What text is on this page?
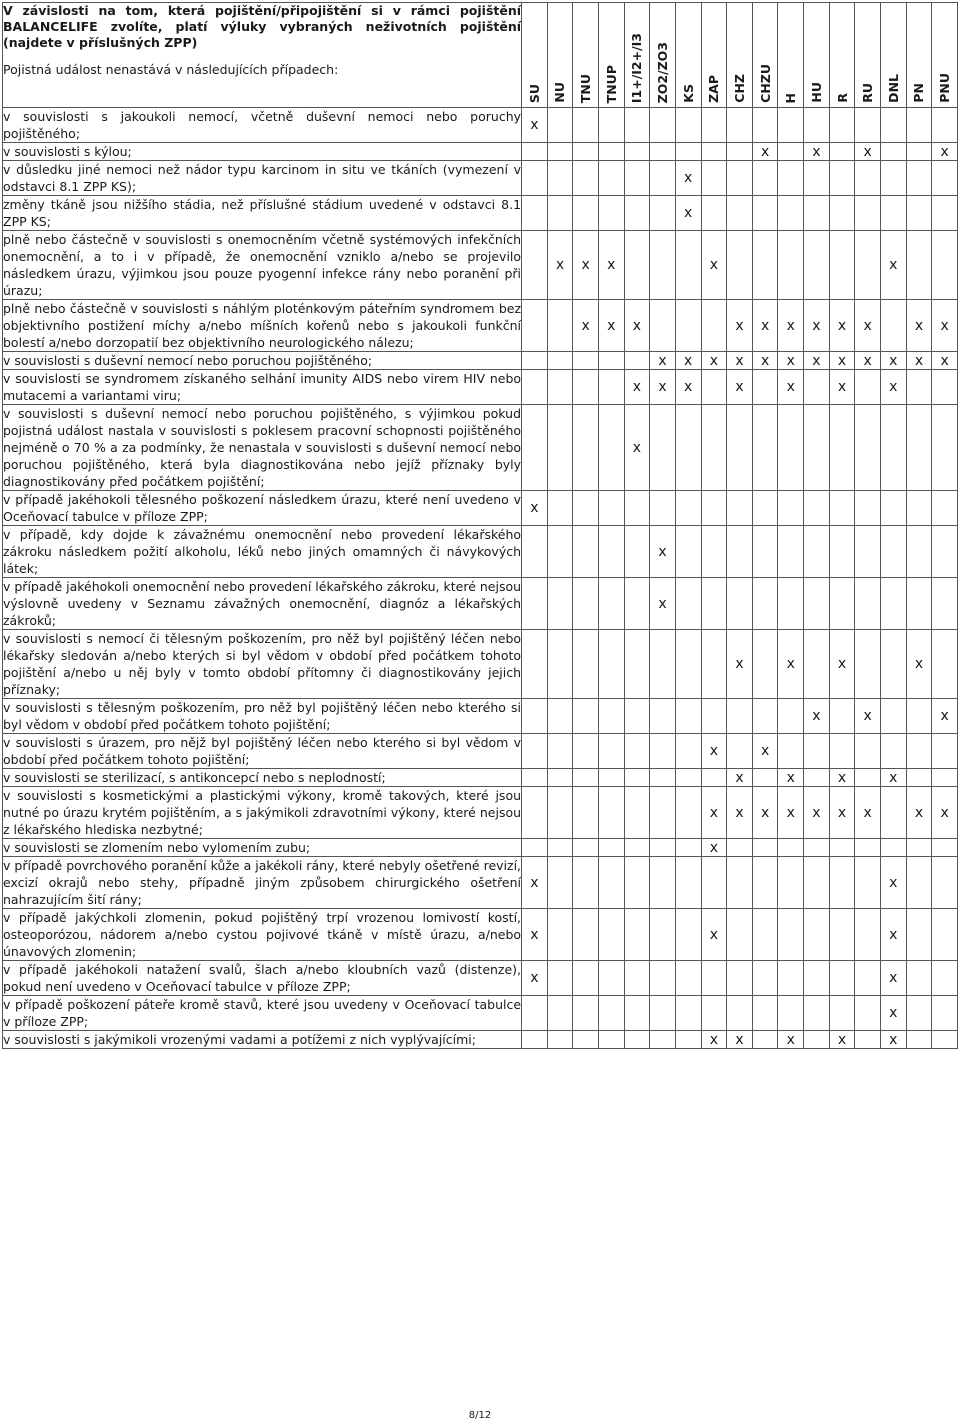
V závislosti na tom, která pojištění/připojištění si v rámci pojištění BALANCELIFE zvolíte, platí výluky vybraných neživotních pojištění (najdete v příslušných ZPP)
Pojistná událost nenastává v následujících případech:	SU	NU	TNU	TNUP	I1+/I2+/I3	ZO2/ZO3	KS	ZAP	CHZ	CHZU	H	HU	R	RU	DNL	PN	PNU
v souvislosti s jakoukoli nemocí, včetně duševní nemoci nebo poruchy pojištěného;	x																
v souvislosti s kýlou;										x		x		x			x
v důsledku jiné nemoci než nádor typu karcinom in situ ve tkáních (vymezení v odstavci 8.1 ZPP KS);							x										
změny tkáně jsou nižšího stádia, než příslušné stádium uvedené v odstavci 8.1 ZPP KS;							x										
plně nebo částečně v souvislosti s onemocněním včetně systémových infekčních onemocnění, a to i v případě, že onemocnění vzniklo a/nebo se projevilo následkem úrazu, výjimkou jsou pouze pyogenní infekce rány nebo poranění při úrazu;		x	x	x				x							x		
plně nebo částečně v souvislosti s náhlým ploténkovým páteřním syndromem bez objektivního postižení míchy a/nebo míšních kořenů nebo s jakoukoli funkční bolestí a/nebo dorzopatií bez objektivního neurologického nálezu;			x	x	x				x	x	x	x	x	x		x	x
v souvislosti s duševní nemocí nebo poruchou pojištěného;						x	x	x	x	x	x	x	x	x	x	x	x
v souvislosti se syndromem získaného selhání imunity AIDS nebo virem HIV nebo mutacemi a variantami viru;					x	x	x		x		x		x		x		
v souvislosti s duševní nemocí nebo poruchou pojištěného, s výjimkou pokud pojistná událost nastala v souvislosti s poklesem pracovní schopnosti pojištěného nejméně o 70 % a za podmínky, že nenastala v souvislosti s duševní nemocí nebo poruchou pojištěného, která byla diagnostikována nebo jejíž příznaky byly diagnostikovány před počátkem pojištění;					x												
v případě jakéhokoli tělesného poškození následkem úrazu, které není uvedeno v Oceňovací tabulce v příloze ZPP;	x																
v případě, kdy dojde k závažnému onemocnění nebo provedení lékařského zákroku následkem požití alkoholu, léků nebo jiných omamných či návykových látek;						x											
v případě jakéhokoli onemocnění nebo provedení lékařského zákroku, které nejsou výslovně uvedeny v Seznamu závažných onemocnění, diagnóz a lékařských zákroků;						x											
v souvislosti s nemocí či tělesným poškozením, pro něž byl pojištěný léčen nebo lékařsky sledován a/nebo kterých si byl vědom v období před počátkem tohoto pojištění a/nebo u něj byly v tomto období přítomny či diagnostikovány jejich příznaky;									x		x		x			x	
v souvislosti s tělesným poškozením, pro něž byl pojištěný léčen nebo kterého si byl vědom v období před počátkem tohoto pojištění;												x		x			x
v souvislosti s úrazem, pro nějž byl pojištěný léčen nebo kterého si byl vědom v období před počátkem tohoto pojištění;								x		x							
v souvislosti se sterilizací, s antikoncepcí nebo s neplodností;									x		x		x		x		
v souvislosti s kosmetickými a plastickými výkony, kromě takových, které jsou nutné po úrazu krytém pojištěním, a s jakýmikoli zdravotními výkony, které nejsou z lékařského hlediska nezbytné;								x	x	x	x	x	x	x		x	x
v souvislosti se zlomením nebo vylomením zubu;								x									
v případě povrchového poranění kůže a jakékoli rány, které nebyly ošetřené revizí, excizí okrajů nebo stehy, případně jiným způsobem chirurgického ošetření nahrazujícím šití rány;	x														x		
v případě jakýchkoli zlomenin, pokud pojištěný trpí vrozenou lomivostí kostí, osteoporózou, nádorem a/nebo cystou pojivové tkáně v místě úrazu, a/nebo únavových zlomenin;	x							x							x		
v případě jakéhokoli natažení svalů, šlach a/nebo kloubních vazů (distenze), pokud není uvedeno v Oceňovací tabulce v příloze ZPP;	x														x		
v případě poškození páteře kromě stavů, které jsou uvedeny v Oceňovací tabulce v příloze ZPP;															x		
v souvislosti s jakýmikoli vrozenými vadami a potížemi z nich vyplývajícími;								x	x		x		x		x		
8/12
